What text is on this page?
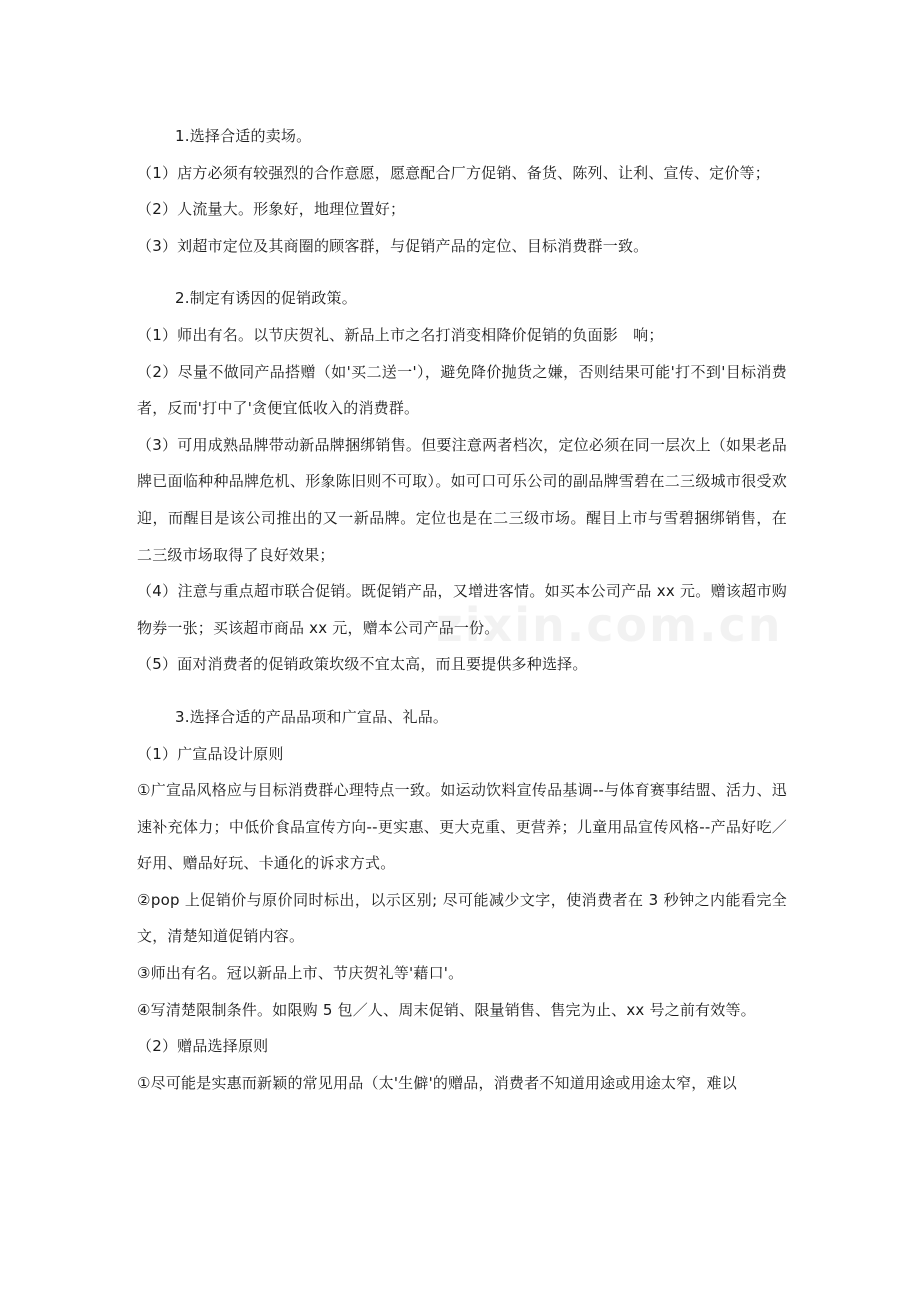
zixin.com.cn

1.选择合适的卖场。

（1）店方必须有较强烈的合作意愿，愿意配合厂方促销、备货、陈列、让利、宣传、定价等；

（2）人流量大。形象好，地理位置好；

（3）刘超市定位及其商圈的顾客群，与促销产品的定位、目标消费群一致。

2.制定有诱因的促销政策。

（1）师出有名。以节庆贺礼、新品上市之名打消变相降价促销的负面影　响；

（2）尽量不做同产品搭赠（如'买二送一'），避免降价抛货之嫌，否则结果可能'打不到'目标消费者，反而'打中了'贪便宜低收入的消费群。

（3）可用成熟品牌带动新品牌捆绑销售。但要注意两者档次，定位必须在同一层次上（如果老品牌已面临种种品牌危机、形象陈旧则不可取）。如可口可乐公司的副品牌雪碧在二三级城市很受欢迎，而醒目是该公司推出的又一新品牌。定位也是在二三级市场。醒目上市与雪碧捆绑销售，在二三级市场取得了良好效果；

（4）注意与重点超市联合促销。既促销产品，又增进客情。如买本公司产品 xx 元。赠该超市购物券一张；买该超市商品 xx 元，赠本公司产品一份。

（5）面对消费者的促销政策坎级不宜太高，而且要提供多种选择。

3.选择合适的产品品项和广宣品、礼品。

（1）广宣品设计原则

①广宣品风格应与目标消费群心理特点一致。如运动饮料宣传品基调--与体育赛事结盟、活力、迅速补充体力；中低价食品宣传方向--更实惠、更大克重、更营养；儿童用品宣传风格--产品好吃／好用、赠品好玩、卡通化的诉求方式。

②pop 上促销价与原价同时标出，以示区别; 尽可能减少文字，使消费者在 3 秒钟之内能看完全文，清楚知道促销内容。

③师出有名。冠以新品上市、节庆贺礼等'藉口'。

④写清楚限制条件。如限购 5 包／人、周末促销、限量销售、售完为止、xx 号之前有效等。

（2）赠品选择原则

①尽可能是实惠而新颖的常见用品（太'生僻'的赠品，消费者不知道用途或用途太窄，难以
